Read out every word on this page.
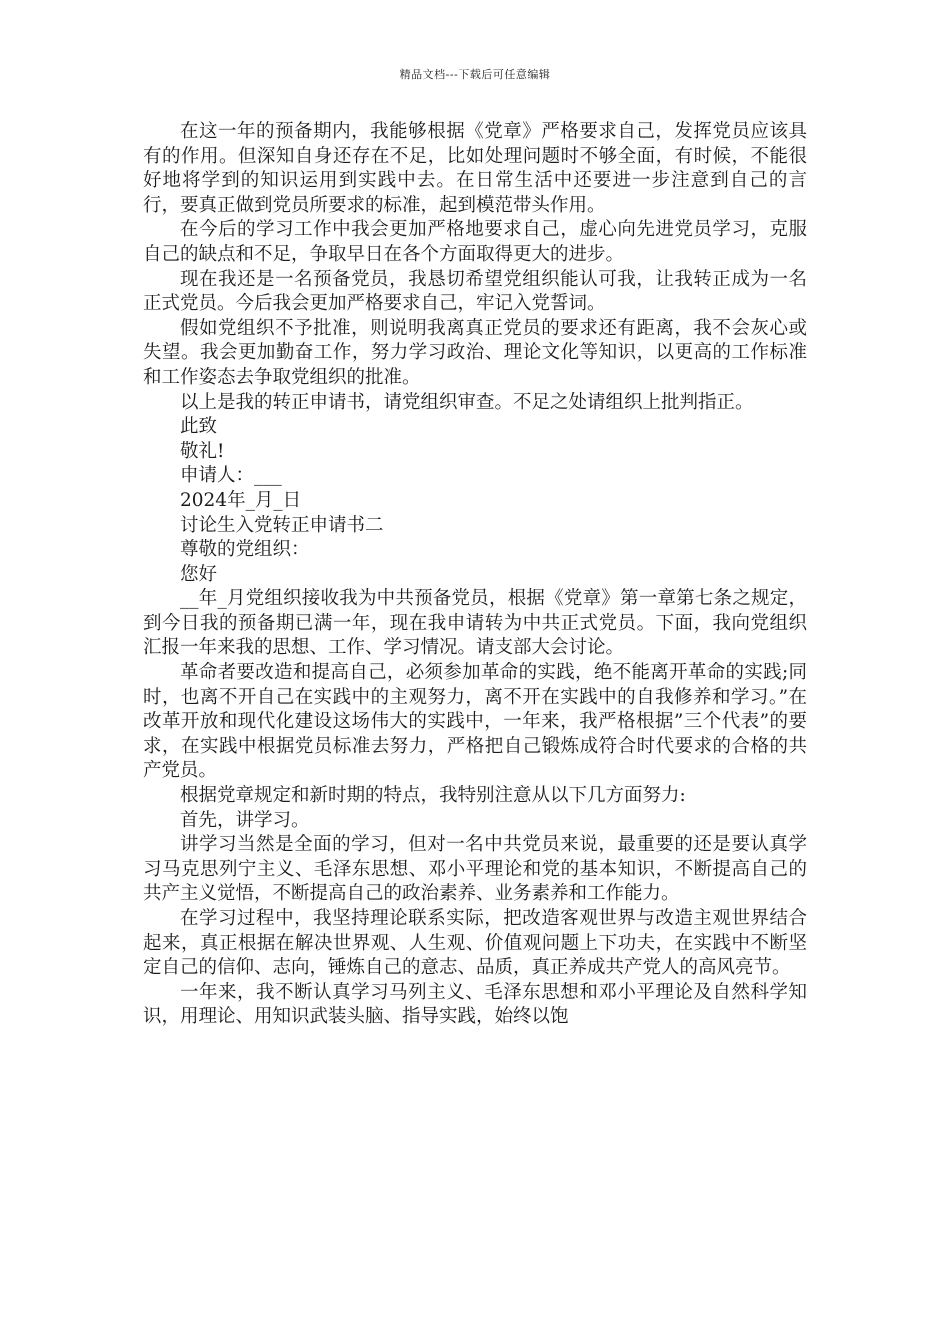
精品文档---下载后可任意编辑

在这一年的预备期内，我能够根据《党章》严格要求自己，发挥党员应该具有的作用。但深知自身还存在不足，比如处理问题时不够全面，有时候，不能很好地将学到的知识运用到实践中去。在日常生活中还要进一步注意到自己的言行，要真正做到党员所要求的标准，起到模范带头作用。

在今后的学习工作中我会更加严格地要求自己，虚心向先进党员学习，克服自己的缺点和不足，争取早日在各个方面取得更大的进步。

现在我还是一名预备党员，我恳切希望党组织能认可我，让我转正成为一名正式党员。今后我会更加严格要求自己，牢记入党誓词。

假如党组织不予批准，则说明我离真正党员的要求还有距离，我不会灰心或失望。我会更加勤奋工作，努力学习政治、理论文化等知识，以更高的工作标准和工作姿态去争取党组织的批准。

以上是我的转正申请书，请党组织审查。不足之处请组织上批判指正。

此致

敬礼!

申请人：___

2024年_月_日

讨论生入党转正申请书二

尊敬的党组织：

您好

__年_月党组织接收我为中共预备党员，根据《党章》第一章第七条之规定，到今日我的预备期已满一年，现在我申请转为中共正式党员。下面，我向党组织汇报一年来我的思想、工作、学习情况。请支部大会讨论。

革命者要改造和提高自己，必须参加革命的实践，绝不能离开革命的实践;同时，也离不开自己在实践中的主观努力，离不开在实践中的自我修养和学习。”在改革开放和现代化建设这场伟大的实践中，一年来，我严格根据”三个代表”的要求，在实践中根据党员标准去努力，严格把自己锻炼成符合时代要求的合格的共产党员。

根据党章规定和新时期的特点，我特别注意从以下几方面努力:

首先，讲学习。

讲学习当然是全面的学习，但对一名中共党员来说，最重要的还是要认真学习马克思列宁主义、毛泽东思想、邓小平理论和党的基本知识，不断提高自己的共产主义觉悟，不断提高自己的政治素养、业务素养和工作能力。

在学习过程中，我坚持理论联系实际，把改造客观世界与改造主观世界结合起来，真正根据在解决世界观、人生观、价值观问题上下功夫，在实践中不断坚定自己的信仰、志向，锤炼自己的意志、品质，真正养成共产党人的高风亮节。

一年来，我不断认真学习马列主义、毛泽东思想和邓小平理论及自然科学知识，用理论、用知识武装头脑、指导实践，始终以饱
